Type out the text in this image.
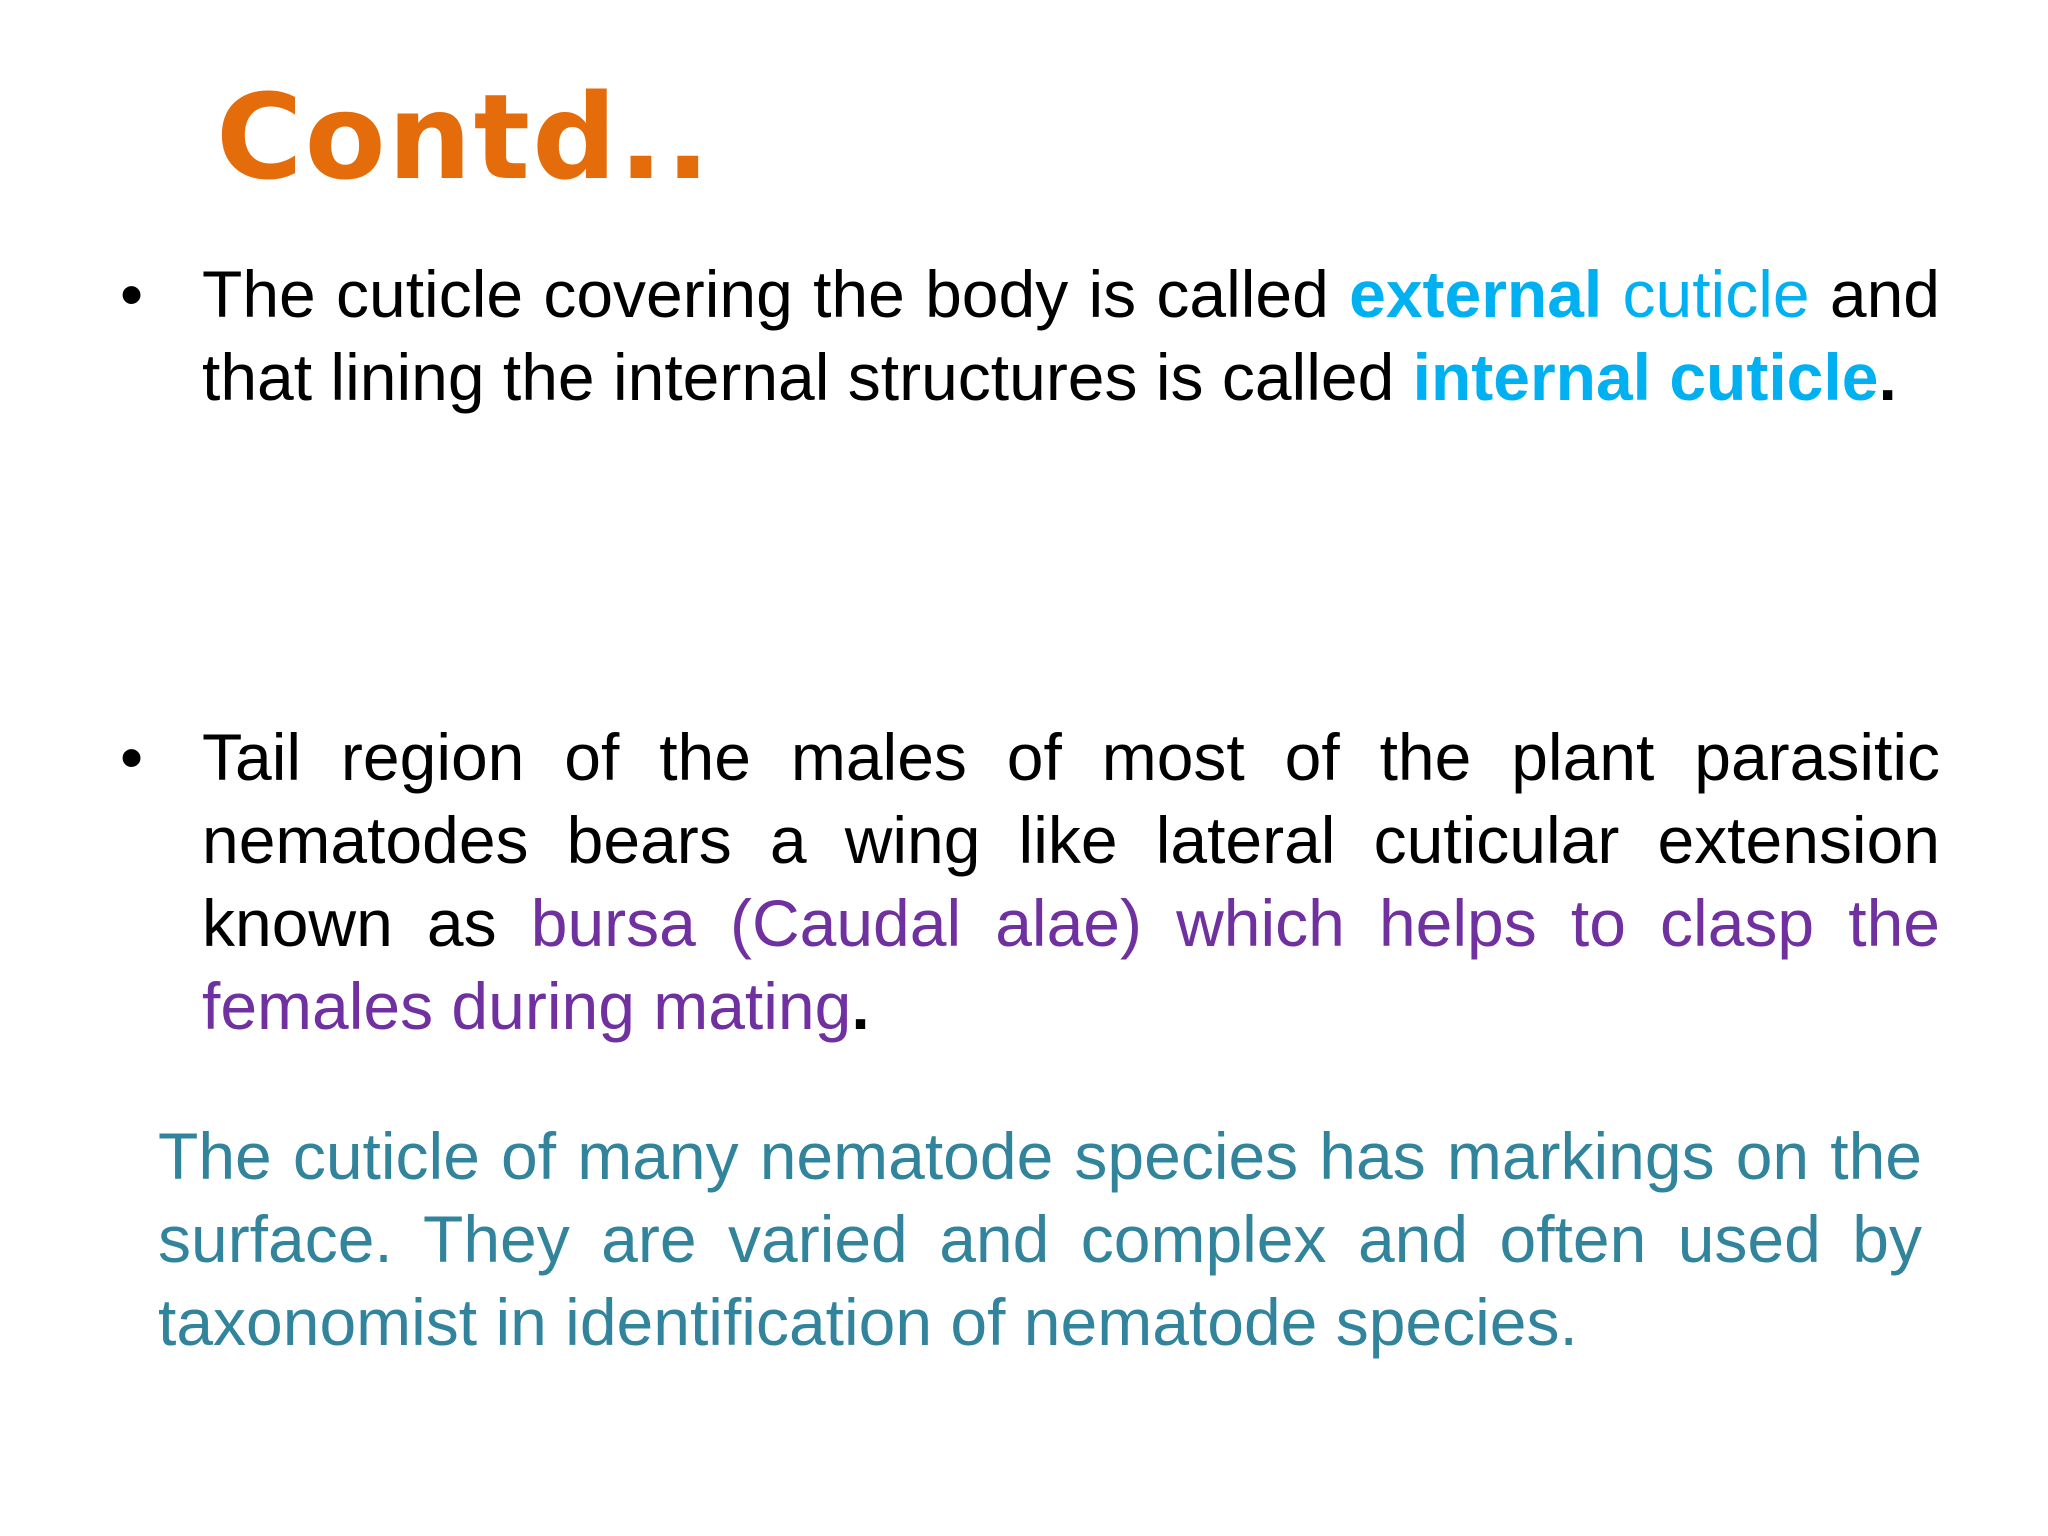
Contd..
• The cuticle covering the body is called external cuticle and that lining the internal structures is called internal cuticle.
• Tail region of the males of most of the plant parasitic nematodes bears a wing like lateral cuticular extension known as bursa (Caudal alae) which helps to clasp the females during mating.
The cuticle of many nematode species has markings on the surface. They are varied and complex and often used by taxonomist in identification of nematode species.
